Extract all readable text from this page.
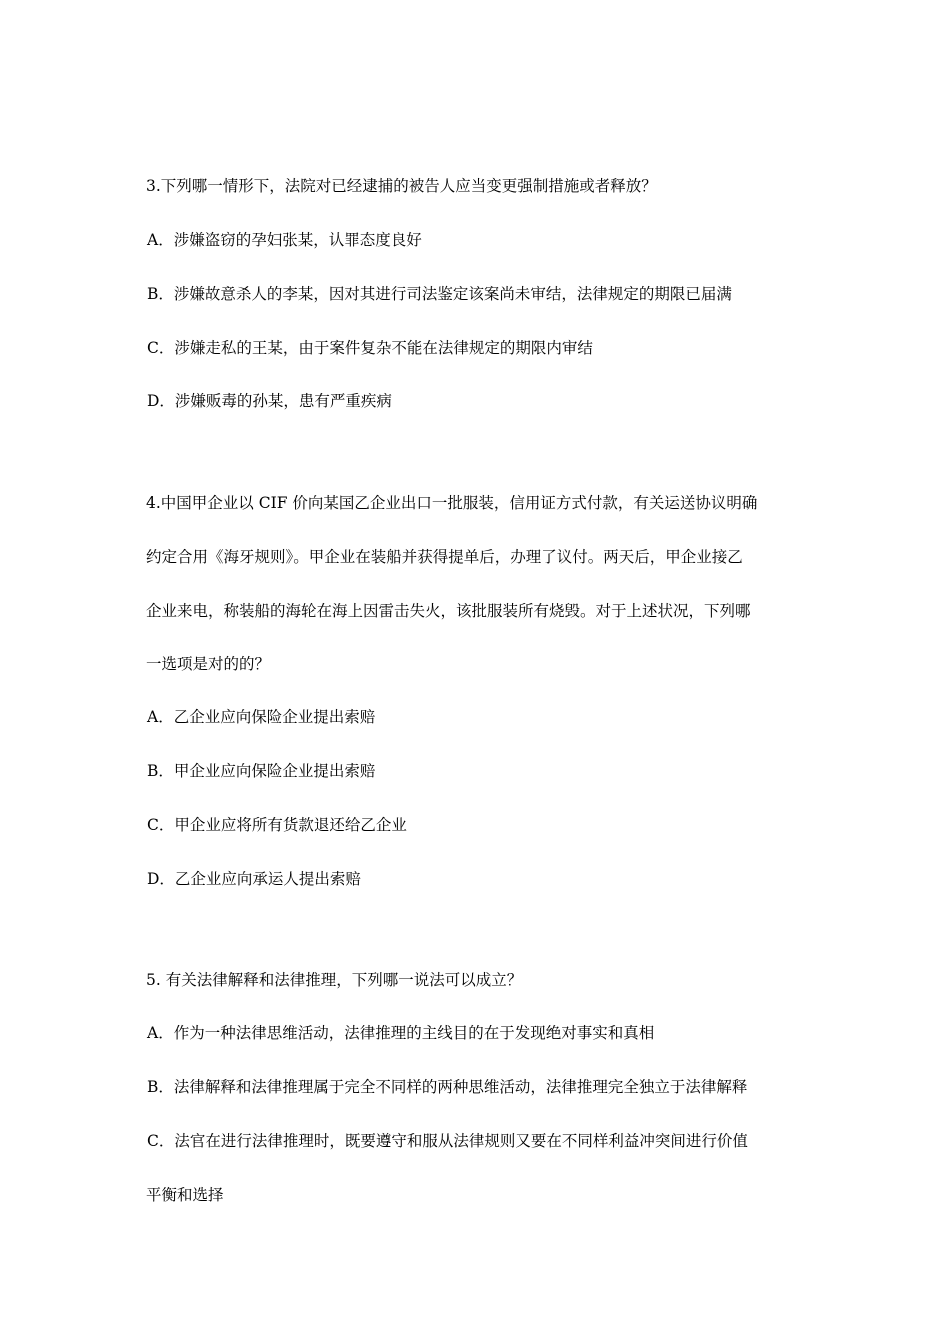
3.下列哪一情形下，法院对已经逮捕的被告人应当变更强制措施或者释放？
A．涉嫌盗窃的孕妇张某，认罪态度良好
B．涉嫌故意杀人的李某，因对其进行司法鉴定该案尚未审结，法律规定的期限已届满
C．涉嫌走私的王某，由于案件复杂不能在法律规定的期限内审结
D．涉嫌贩毒的孙某，患有严重疾病
4.中国甲企业以 CIF 价向某国乙企业出口一批服装，信用证方式付款，有关运送协议明确
约定合用《海牙规则》。甲企业在装船并获得提单后，办理了议付。两天后，甲企业接乙
企业来电，称装船的海轮在海上因雷击失火，该批服装所有烧毁。对于上述状况，下列哪
一选项是对的的？
A．乙企业应向保险企业提出索赔
B．甲企业应向保险企业提出索赔
C．甲企业应将所有货款退还给乙企业
D．乙企业应向承运人提出索赔
5. 有关法律解释和法律推理，下列哪一说法可以成立？
A．作为一种法律思维活动，法律推理的主线目的在于发现绝对事实和真相
B．法律解释和法律推理属于完全不同样的两种思维活动，法律推理完全独立于法律解释
C．法官在进行法律推理时，既要遵守和服从法律规则又要在不同样利益冲突间进行价值
平衡和选择
